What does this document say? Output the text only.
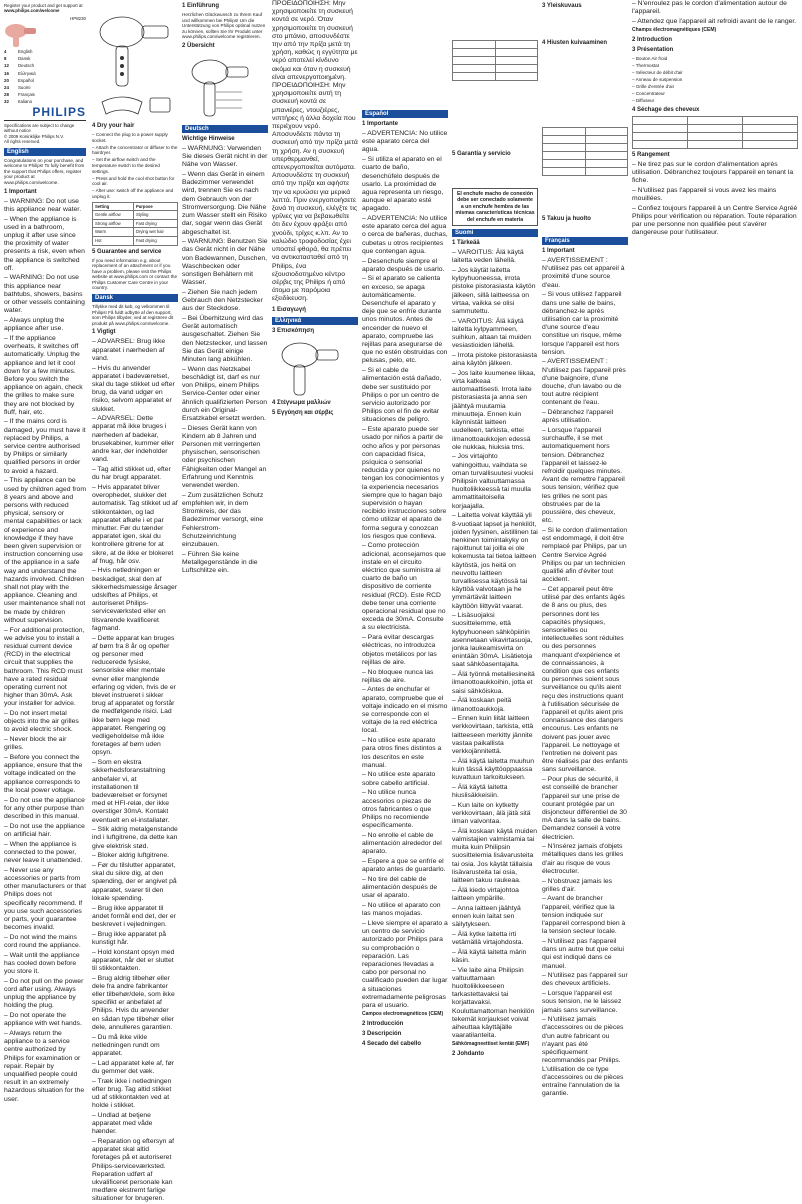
Register your product and get support at
www.philips.com/welcome
HP8230
4	English
8	Dansk
12 Deutsch
16 Ελληνικά
20 Español
24 Suomi
28 Français
32 Italiano
PHILIPS
Specifications are subject to change without notice
© 2009 Koninklijke Philips N.V.
All rights reserved.
English

Congratulations on your purchase, and welcome to Philips! To fully benefit from the support that Philips offers, register your product at www.philips.com/welcome.

1 Important
– WARNING: Do not use this appliance near water.
– When the appliance is used in a bathroom, unplug it after use since the proximity of water presents a risk, even when the appliance is switched off.
– WARNING: Do not use this appliance near bathtubs, showers, basins or other vessels containing water.
– Always unplug the appliance after use.
– If the appliance overheats, it switches off automatically. Unplug the appliance and let it cool down for a few minutes. Before you switch the appliance on again, check the grilles to make sure they are not blocked by fluff, hair, etc.
– If the mains cord is damaged, you must have it replaced by Philips, a service centre authorised by Philips or similarly qualified persons in order to avoid a hazard.
– This appliance can be used by children aged from 8 years and above and persons with reduced physical, sensory or mental capabilities or lack of experience and knowledge if they have been given supervision or instruction concerning use of the appliance in a safe way and understand the hazards involved. Children shall not play with the appliance. Cleaning and user maintenance shall not be made by children without supervision.
– For additional protection, we advise you to install a residual current device (RCD) in the electrical circuit that supplies the bathroom. This RCD must have a rated residual operating current not higher than 30mA. Ask your installer for advice.
– Do not insert metal objects into the air grilles to avoid electric shock.
– Never block the air grilles.
– Before you connect the appliance, ensure that the voltage indicated on the appliance corresponds to the local power voltage.
– Do not use the appliance for any other purpose than described in this manual.
– Do not use the appliance on artificial hair.
– When the appliance is connected to the power, never leave it unattended.
– Never use any accessories or parts from other manufacturers or that Philips does not specifically recommend. If you use such accessories or parts, your guarantee becomes invalid.
– Do not wind the mains cord round the appliance.
– Wait until the appliance has cooled down before you store it.
– Do not pull on the power cord after using. Always unplug the appliance by holding the plug.
– Do not operate the appliance with wet hands.
– Always return the appliance to a service centre authorized by Philips for examination or repair. Repair by unqualified people could result in an extremely hazardous situation for the user.
4 Dry your hair
– Connect the plug to a power supply socket.
– Attach the concentrator or diffuser to the hairdryer.
– Set the airflow switch and the temperature switch to the desired settings.
– Press and hold the cool shot button for cool air.
– After use: switch off the appliance and unplug it.
Setting	Purpose
Gentle airflow	Styling
Strong airflow	Fast drying
Warm	Drying wet hair
Hot	Fast drying
5 Guarantee and service

If you need information e.g. about replacement of an attachment or if you have a problem, please visit the Philips website at www.philips.com or contact the Philips Customer Care Centre in your country.

Dansk

Tillykke med dit køb, og velkommen til Philips! Få fuldt udbytte af den support, som Philips tilbyder, ved at registrere dit produkt på www.philips.com/welcome.

1 Vigtigt
– ADVARSEL: Brug ikke apparatet i nærheden af vand.
– Hvis du anvender apparatet i badeværelset, skal du tage stikket ud efter brug, da vand udgør en risiko, selvom apparatet er slukket.
– ADVARSEL: Dette apparat må ikke bruges i nærheden af badekar, brusekabiner, kummer eller andre kar, der indeholder vand.
– Tag altid stikket ud, efter du har brugt apparatet.
– Hvis apparatet bliver overophedet, slukker det automatisk. Tag stikket ud af stikkontakten, og lad apparatet afkøle i et par minutter. Før du tænder apparatet igen, skal du kontrollere gitrene for at sikre, at de ikke er blokeret af fnug, hår osv.
– Hvis netledningen er beskadiget, skal den af sikkerhedsmæssige årsager udskiftes af Philips, et autoriseret Philips-serviceværksted eller en tilsvarende kvalificeret fagmand.
– Dette apparat kan bruges af børn fra 8 år og opefter og personer med reducerede fysiske, sensoriske eller mentale evner eller manglende erfaring og viden, hvis de er blevet instrueret i sikker brug af apparatet og forstår de medfølgende risici. Lad ikke børn lege med apparatet. Rengøring og vedligeholdelse må ikke foretages af børn uden opsyn.
– Som en ekstra sikkerhedsforanstaltning anbefaler vi, at installationen til badeværelset er forsynet med et HFI-relæ, der ikke overstiger 30mA. Kontakt eventuelt en el-installatør.
– Stik aldrig metalgenstande ind i luftgitrene, da dette kan give elektrisk stød.
– Bloker aldrig luftgitrene.
– Før du tilslutter apparatet, skal du sikre dig, at den spænding, der er angivet på apparatet, svarer til den lokale spænding.
– Brug ikke apparatet til andet formål end det, der er beskrevet i vejledningen.
– Brug ikke apparatet på kunstigt hår.
– Hold konstant opsyn med apparatet, når det er sluttet til stikkontakten.
– Brug aldrig tilbehør eller dele fra andre fabrikanter eller tilbehør/dele, som ikke specifikt er anbefalet af Philips. Hvis du anvender en sådan type tilbehør eller dele, annulleres garantien.
– Du må ikke vikle netledningen rundt om apparatet.
– Lad apparatet køle af, før du gemmer det væk.
– Træk ikke i netledningen efter brug. Tag altid stikket ud af stikkontakten ved at holde i stikket.
– Undlad at betjene apparatet med våde hænder.
– Reparation og eftersyn af apparatet skal altid foretages på et autoriseret Philips-serviceværksted. Reparation udført af ukvalificeret personale kan medføre ekstremt farlige situationer for brugeren.
1 Einführung

Herzlichen Glückwunsch zu Ihrem Kauf und willkommen bei Philips! Um die Unterstützung von Philips optimal nutzen zu können, sollten Sie Ihr Produkt unter www.philips.com/welcome registrieren.

2 Übersicht
Deutsch
Wichtige Hinweise
– WARNUNG: Verwenden Sie dieses Gerät nicht in der Nähe von Wasser.
– Wenn das Gerät in einem Badezimmer verwendet wird, trennen Sie es nach dem Gebrauch von der Stromversorgung. Die Nähe zum Wasser stellt ein Risiko dar, sogar wenn das Gerät abgeschaltet ist.
– WARNUNG: Benutzen Sie das Gerät nicht in der Nähe von Badewannen, Duschen, Waschbecken oder sonstigen Behältern mit Wasser.
– Ziehen Sie nach jedem Gebrauch den Netzstecker aus der Steckdose.
– Bei Überhitzung wird das Gerät automatisch ausgeschaltet. Ziehen Sie den Netzstecker, und lassen Sie das Gerät einige Minuten lang abkühlen.
– Wenn das Netzkabel beschädigt ist, darf es nur von Philips, einem Philips Service-Center oder einer ähnlich qualifizierten Person durch ein Original-Ersatzkabel ersetzt werden.
– Dieses Gerät kann von Kindern ab 8 Jahren und Personen mit verringerten physischen, sensorischen oder psychischen Fähigkeiten oder Mangel an Erfahrung und Kenntnis verwendet werden.
– Zum zusätzlichen Schutz empfehlen wir, in dem Stromkreis, der das Badezimmer versorgt, eine Fehlerstrom-Schutzeinrichtung einzubauen.
– Führen Sie keine Metallgegenstände in die Luftschlitze ein.

ΠΡΟΕΙΔΟΠΟΙΗΣΗ: Μην χρησιμοποιείτε τη συσκευή κοντά σε νερό. Όταν χρησιμοποιείτε τη συσκευή στο μπάνιο, αποσυνδέστε την από την πρίζα μετά τη χρήση, καθώς η εγγύτητα με νερό αποτελεί κίνδυνο ακόμα και όταν η συσκευή είναι απενεργοποιημένη. ΠΡΟΕΙΔΟΠΟΙΗΣΗ: Μην χρησιμοποιείτε αυτή τη συσκευή κοντά σε μπανιέρες, ντουζιέρες, νιπτήρες ή άλλα δοχεία που περιέχουν νερό. Αποσυνδέετε πάντα τη συσκευή από την πρίζα μετά τη χρήση. Αν η συσκευή υπερθερμανθεί, απενεργοποιείται αυτόματα. Αποσυνδέστε τη συσκευή από την πρίζα και αφήστε την να κρυώσει για μερικά λεπτά. Πριν ενεργοποιήσετε ξανά τη συσκευή, ελέγξτε τις γρίλιες για να βεβαιωθείτε ότι δεν έχουν φράξει από χνούδι, τρίχες κ.λπ. Αν το καλώδιο τροφοδοσίας έχει υποστεί φθορά, θα πρέπει να αντικατασταθεί από τη Philips, ένα εξουσιοδοτημένο κέντρο σέρβις της Philips ή από άτομα με παρόμοια εξειδίκευση.

1 Εισαγωγή
Ελληνικά
3 Επισκόπηση
4 Στέγνωμα μαλλιών
5 Εγγύηση και σέρβις
Español
1 Importante
– ADVERTENCIA: No utilice este aparato cerca del agua.
– Si utiliza el aparato en el cuarto de baño, desenchúfelo después de usarlo. La proximidad de agua representa un riesgo, aunque el aparato esté apagado.
– ADVERTENCIA: No utilice este aparato cerca del agua o cerca de bañeras, duchas, cubetas u otros recipientes que contengan agua.
– Desenchufe siempre el aparato después de usarlo.
– Si el aparato se calienta en exceso, se apaga automáticamente. Desenchufe el aparato y deje que se enfríe durante unos minutos. Antes de encender de nuevo el aparato, compruebe las rejillas para asegurarse de que no estén obstruidas con pelusas, pelo, etc.
– Si el cable de alimentación está dañado, debe ser sustituido por Philips o por un centro de servicio autorizado por Philips con el fin de evitar situaciones de peligro.
– Este aparato puede ser usado por niños a partir de ocho años y por personas con capacidad física, psíquica o sensorial reducida y por quienes no tengan los conocimientos y la experiencia necesarios siempre que lo hagan bajo supervisión o hayan recibido instrucciones sobre cómo utilizar el aparato de forma segura y conozcan los riesgos que conlleva.
– Como protección adicional, aconsejamos que instale en el circuito eléctrico que suministra al cuarto de baño un dispositivo de corriente residual (RCD). Este RCD debe tener una corriente operacional residual que no exceda de 30mA. Consulte a su electricista.
– Para evitar descargas eléctricas, no introduzca objetos metálicos por las rejillas de aire.
– No bloquee nunca las rejillas de aire.
– Antes de enchufar el aparato, compruebe que el voltaje indicado en el mismo se corresponde con el voltaje de la red eléctrica local.
– No utilice este aparato para otros fines distintos a los descritos en este manual.
– No utilice este aparato sobre cabello artificial.
– No utilice nunca accesorios o piezas de otros fabricantes o que Philips no recomiende específicamente.
– No enrolle el cable de alimentación alrededor del aparato.
– Espere a que se enfríe el aparato antes de guardarlo.
– No tire del cable de alimentación después de usar el aparato.
– No utilice el aparato con las manos mojadas.
– Lleve siempre el aparato a un centro de servicio autorizado por Philips para su comprobación o reparación. Las reparaciones llevadas a cabo por personal no cualificado pueden dar lugar a situaciones extremadamente peligrosas para el usuario.
Campos electromagnéticos (CEM)
2 Introducción
3 Descripción
4 Secado del cabello

5 Garantía y servicio
El enchufe macho de conexión debe ser conectado solamente a un enchufe hembra de las mismas características técnicas del enchufe en materia
Suomi
1 Tärkeää
– VAROITUS: Älä käytä laitetta veden lähellä.
– Jos käytät laitetta kylpyhuoneessa, irrota pistoke pistorasiasta käytön jälkeen, sillä laitteessa on virtaa, vaikka se olisi sammutettu.
– VAROITUS: Älä käytä laitetta kylpyammeen, suihkun, altaan tai muiden vesiastioiden lähellä.
– Irrota pistoke pistorasiasta aina käytön jälkeen.
– Jos laite kuumenee liikaa, virta katkeaa automaattisesti. Irrota laite pistorasiasta ja anna sen jäähtyä muutamia minuutteja. Ennen kuin käynnistät laitteen uudelleen, tarkista, ettei ilmanottoaukkojen edessä ole nukkaa, hiuksia tms.
– Jos virtajohto vahingoittuu, vaihdata se oman turvallisuutesi vuoksi Philipsin valtuuttamassa huoltoliikkeessä tai muulla ammattitaitoisella korjaajalla.
– Laitetta voivat käyttää yli 8-vuotiaat lapset ja henkilöt, joiden fyysinen, aistillinen tai henkinen toimintakyky on rajoittunut tai joilla ei ole kokemusta tai tietoa laitteen käytöstä, jos heitä on neuvottu laitteen turvallisessa käytössä tai käyttöä valvotaan ja he ymmärtävät laitteen käyttöön liittyvät vaarat.
– Lisäsuojaksi suosittelemme, että kylpyhuoneen sähköpiiriin asennetaan vikavirtasuoja, jonka laukeamisvirta on enintään 30mA. Lisätietoja saat sähköasentajalta.
– Älä työnnä metalliesineitä ilmanottoaukkoihin, jotta et saisi sähköiskua.
– Älä koskaan peitä ilmanottoaukkoja.
– Ennen kuin liität laitteen verkkovirtaan, tarkista, että laitteeseen merkitty jännite vastaa paikallista verkkojännitettä.
– Älä käytä laitetta muuhun kuin tässä käyttöoppaassa kuvattuun tarkoitukseen.
– Älä käytä laitetta hiuslisäkkeisiin.
– Kun laite on kytketty verkkovirtaan, älä jätä sitä ilman valvontaa.
– Älä koskaan käytä muiden valmistajien valmistamia tai muita kuin Philipsin suosittelemia lisävarusteita tai osia. Jos käytät tällaisia lisävarusteita tai osia, laitteen takuu raukeaa.
– Älä kiedo virtajohtoa laitteen ympärille.
– Anna laitteen jäähtyä ennen kuin laitat sen säilytykseen.
– Älä kytke laitetta irti vetämällä virtajohdosta.
– Älä käytä laitetta märin käsin.
– Vie laite aina Philipsin valtuuttamaan huoltoliikkeeseen tarkastettavaksi tai korjattavaksi. Kouluttamattoman henkilön tekemät korjaukset voivat aiheuttaa käyttäjälle vaaratilanteita.
Sähkömagneettiset kentät (EMF)
2 Johdanto
3 Yleiskuvaus
4 Hiusten kuivaaminen

5 Takuu ja huolto
Français
1 Important
– AVERTISSEMENT : N'utilisez pas cet appareil à proximité d'une source d'eau.
– Si vous utilisez l'appareil dans une salle de bains, débranchez-le après utilisation car la proximité d'une source d'eau constitue un risque, même lorsque l'appareil est hors tension.
– AVERTISSEMENT : N'utilisez pas l'appareil près d'une baignoire, d'une douche, d'un lavabo ou de tout autre récipient contenant de l'eau.
– Débranchez l'appareil après utilisation.
– Lorsque l'appareil surchauffe, il se met automatiquement hors tension. Débranchez l'appareil et laissez-le refroidir quelques minutes. Avant de remettre l'appareil sous tension, vérifiez que les grilles ne sont pas obstruées par de la poussière, des cheveux, etc.
– Si le cordon d'alimentation est endommagé, il doit être remplacé par Philips, par un Centre Service Agréé Philips ou par un technicien qualifié afin d'éviter tout accident.
– Cet appareil peut être utilisé par des enfants âgés de 8 ans ou plus, des personnes dont les capacités physiques, sensorielles ou intellectuelles sont réduites ou des personnes manquant d'expérience et de connaissances, à condition que ces enfants ou personnes soient sous surveillance ou qu'ils aient reçu des instructions quant à l'utilisation sécurisée de l'appareil et qu'ils aient pris connaissance des dangers encourus. Les enfants ne doivent pas jouer avec l'appareil. Le nettoyage et l'entretien ne doivent pas être réalisés par des enfants sans surveillance.
– Pour plus de sécurité, il est conseillé de brancher l'appareil sur une prise de courant protégée par un disjoncteur différentiel de 30 mA dans la salle de bains. Demandez conseil à votre électricien.
– N'insérez jamais d'objets métalliques dans les grilles d'air au risque de vous électrocuter.
– N'obstruez jamais les grilles d'air.
– Avant de brancher l'appareil, vérifiez que la tension indiquée sur l'appareil correspond bien à la tension secteur locale.
– N'utilisez pas l'appareil dans un autre but que celui qui est indiqué dans ce manuel.
– N'utilisez pas l'appareil sur des cheveux artificiels.
– Lorsque l'appareil est sous tension, ne le laissez jamais sans surveillance.
– N'utilisez jamais d'accessoires ou de pièces d'un autre fabricant ou n'ayant pas été spécifiquement recommandés par Philips. L'utilisation de ce type d'accessoires ou de pièces entraîne l'annulation de la garantie.
– N'enroulez pas le cordon d'alimentation autour de l'appareil.
– Attendez que l'appareil ait refroidi avant de le ranger.
Champs électromagnétiques (CEM)
2 Introduction
3 Présentation
– Bouton Air froid
– Thermostat
– Sélecteur de débit d'air
– Anneau de suspension
– Grille d'entrée d'air
– Concentrateur
– Diffuseur
4 Séchage des cheveux

5 Rangement
– Ne tirez pas sur le cordon d'alimentation après utilisation. Débranchez toujours l'appareil en tenant la fiche.
– N'utilisez pas l'appareil si vous avez les mains mouillées.
– Confiez toujours l'appareil à un Centre Service Agréé Philips pour vérification ou réparation. Toute réparation par une personne non qualifiée peut s'avérer dangereuse pour l'utilisateur.
